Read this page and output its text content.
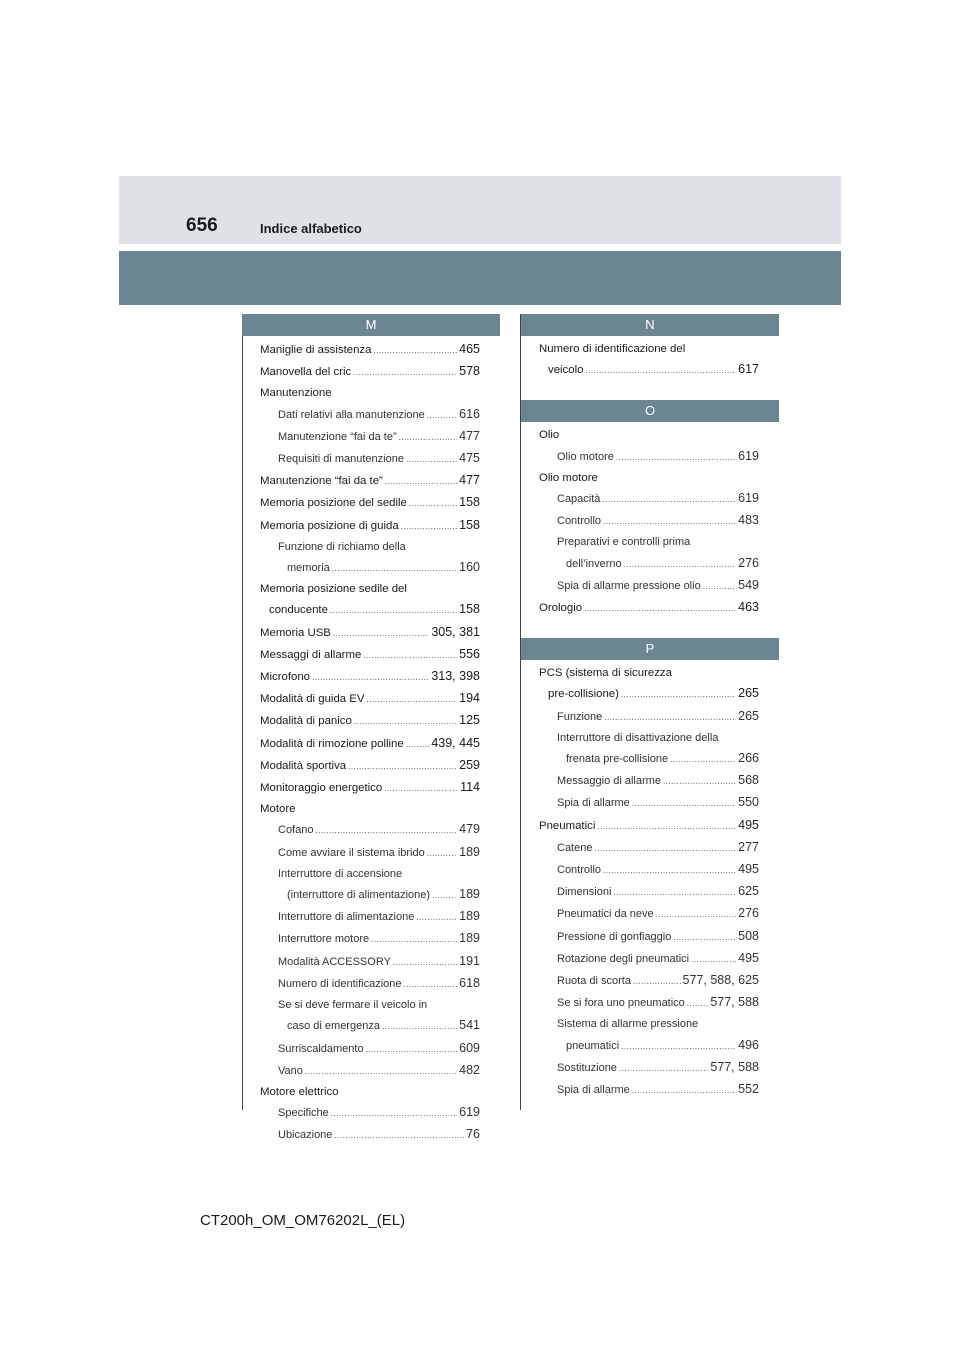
656	Indice alfabetico
M
Maniglie di assistenza .....	465
Manovella del cric .....	578
Manutenzione
Dati relativi alla manutenzione .....	616
Manutenzione “fai da te” .....	477
Requisiti di manutenzione .....	475
Manutenzione “fai da te” .....	477
Memoria posizione del sedile .....	158
Memoria posizione di guida .....	158
Funzione di richiamo della
memoria .....	160
Memoria posizione sedile del
conducente .....	158
Memoria USB .....	305, 381
Messaggi di allarme .....	556
Microfono .....	313, 398
Modalità di guida EV .....	194
Modalità di panico .....	125
Modalità di rimozione polline ..... 439, 445
Modalità sportiva .....	259
Monitoraggio energetico .....	114
Motore
Cofano .....	479
Come avviare il sistema ibrido .....	189
Interruttore di accensione
(interruttore di alimentazione) ..... 189
Interruttore di alimentazione .....	189
Interruttore motore .....	189
Modalità ACCESSORY .....	191
Numero di identificazione .....	618
Se si deve fermare il veicolo in
caso di emergenza .....	541
Surriscaldamento .....	609
Vano .....	482
Motore elettrico
Specifiche .....	619
Ubicazione .....	76
N
Numero di identificazione del
veicolo .....	617
O
Olio
Olio motore .....	619
Olio motore
Capacità .....	619
Controllo .....	483
Preparativi e controlli prima
dell’inverno .....	276
Spia di allarme pressione olio .....	549
Orologio .....	463
P
PCS (sistema di sicurezza
pre-collisione) .....	265
Funzione .....	265
Interruttore di disattivazione della
frenata pre-collisione .....	266
Messaggio di allarme .....	568
Spia di allarme .....	550
Pneumatici .....	495
Catene .....	277
Controllo .....	495
Dimensioni .....	625
Pneumatici da neve .....	276
Pressione di gonfiaggio .....	508
Rotazione degli pneumatici .....	495
Ruota di scorta .....	577, 588, 625
Se si fora uno pneumatico ..... 577, 588
Sistema di allarme pressione
pneumatici .....	496
Sostituzione .....	577, 588
Spia di allarme .....	552
CT200h_OM_OM76202L_(EL)
